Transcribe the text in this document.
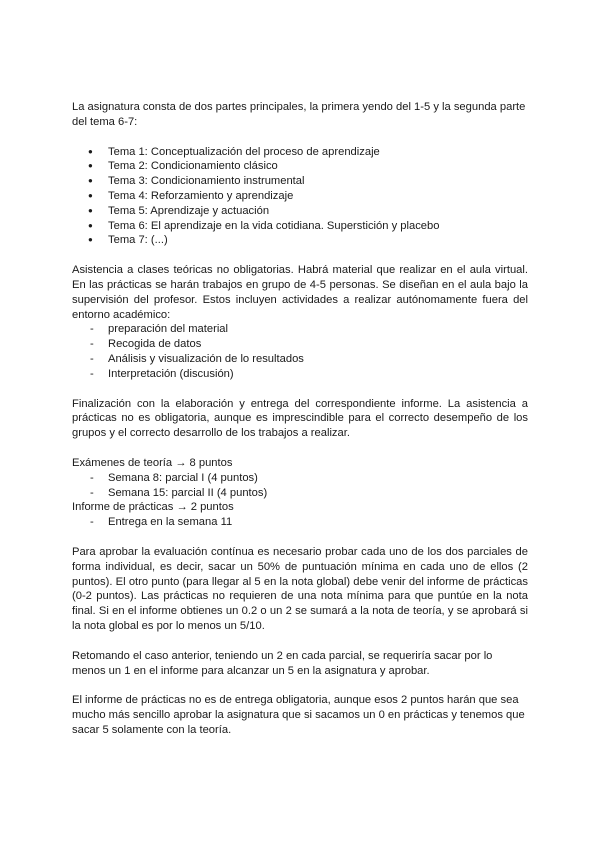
La asignatura consta de dos partes principales, la primera yendo del 1-5 y la segunda parte del tema 6-7:

● Tema 1: Conceptualización del proceso de aprendizaje
● Tema 2: Condicionamiento clásico
● Tema 3: Condicionamiento instrumental
● Tema 4: Reforzamiento y aprendizaje
● Tema 5: Aprendizaje y actuación
● Tema 6: El aprendizaje en la vida cotidiana. Superstición y placebo
● Tema 7: (...)

Asistencia a clases teóricas no obligatorias. Habrá material que realizar en el aula virtual. En las prácticas se harán trabajos en grupo de 4-5 personas. Se diseñan en el aula bajo la supervisión del profesor. Estos incluyen actividades a realizar autónomamente fuera del entorno académico:

- preparación del material
- Recogida de datos
- Análisis y visualización de lo resultados
- Interpretación (discusión)

Finalización con la elaboración y entrega del correspondiente informe. La asistencia a prácticas no es obligatoria, aunque es imprescindible para el correcto desempeño de los grupos y el correcto desarrollo de los trabajos a realizar.

Exámenes de teoría → 8 puntos

- Semana 8: parcial I (4 puntos)
- Semana 15: parcial II (4 puntos)

Informe de prácticas → 2 puntos

- Entrega en la semana 11

Para aprobar la evaluación contínua es necesario probar cada uno de los dos parciales de forma individual, es decir, sacar un 50% de puntuación mínima en cada uno de ellos (2 puntos). El otro punto (para llegar al 5 en la nota global) debe venir del informe de prácticas (0-2 puntos). Las prácticas no requieren de una nota mínima para que puntúe en la nota final. Si en el informe obtienes un 0.2 o un 2 se sumará a la nota de teoría, y se aprobará si la nota global es por lo menos un 5/10.

Retomando el caso anterior, teniendo un 2 en cada parcial, se requeriría sacar por lo menos un 1 en el informe para alcanzar un 5 en la asignatura y aprobar.

El informe de prácticas no es de entrega obligatoria, aunque esos 2 puntos harán que sea mucho más sencillo aprobar la asignatura que si sacamos un 0 en prácticas y tenemos que sacar 5 solamente con la teoría.
